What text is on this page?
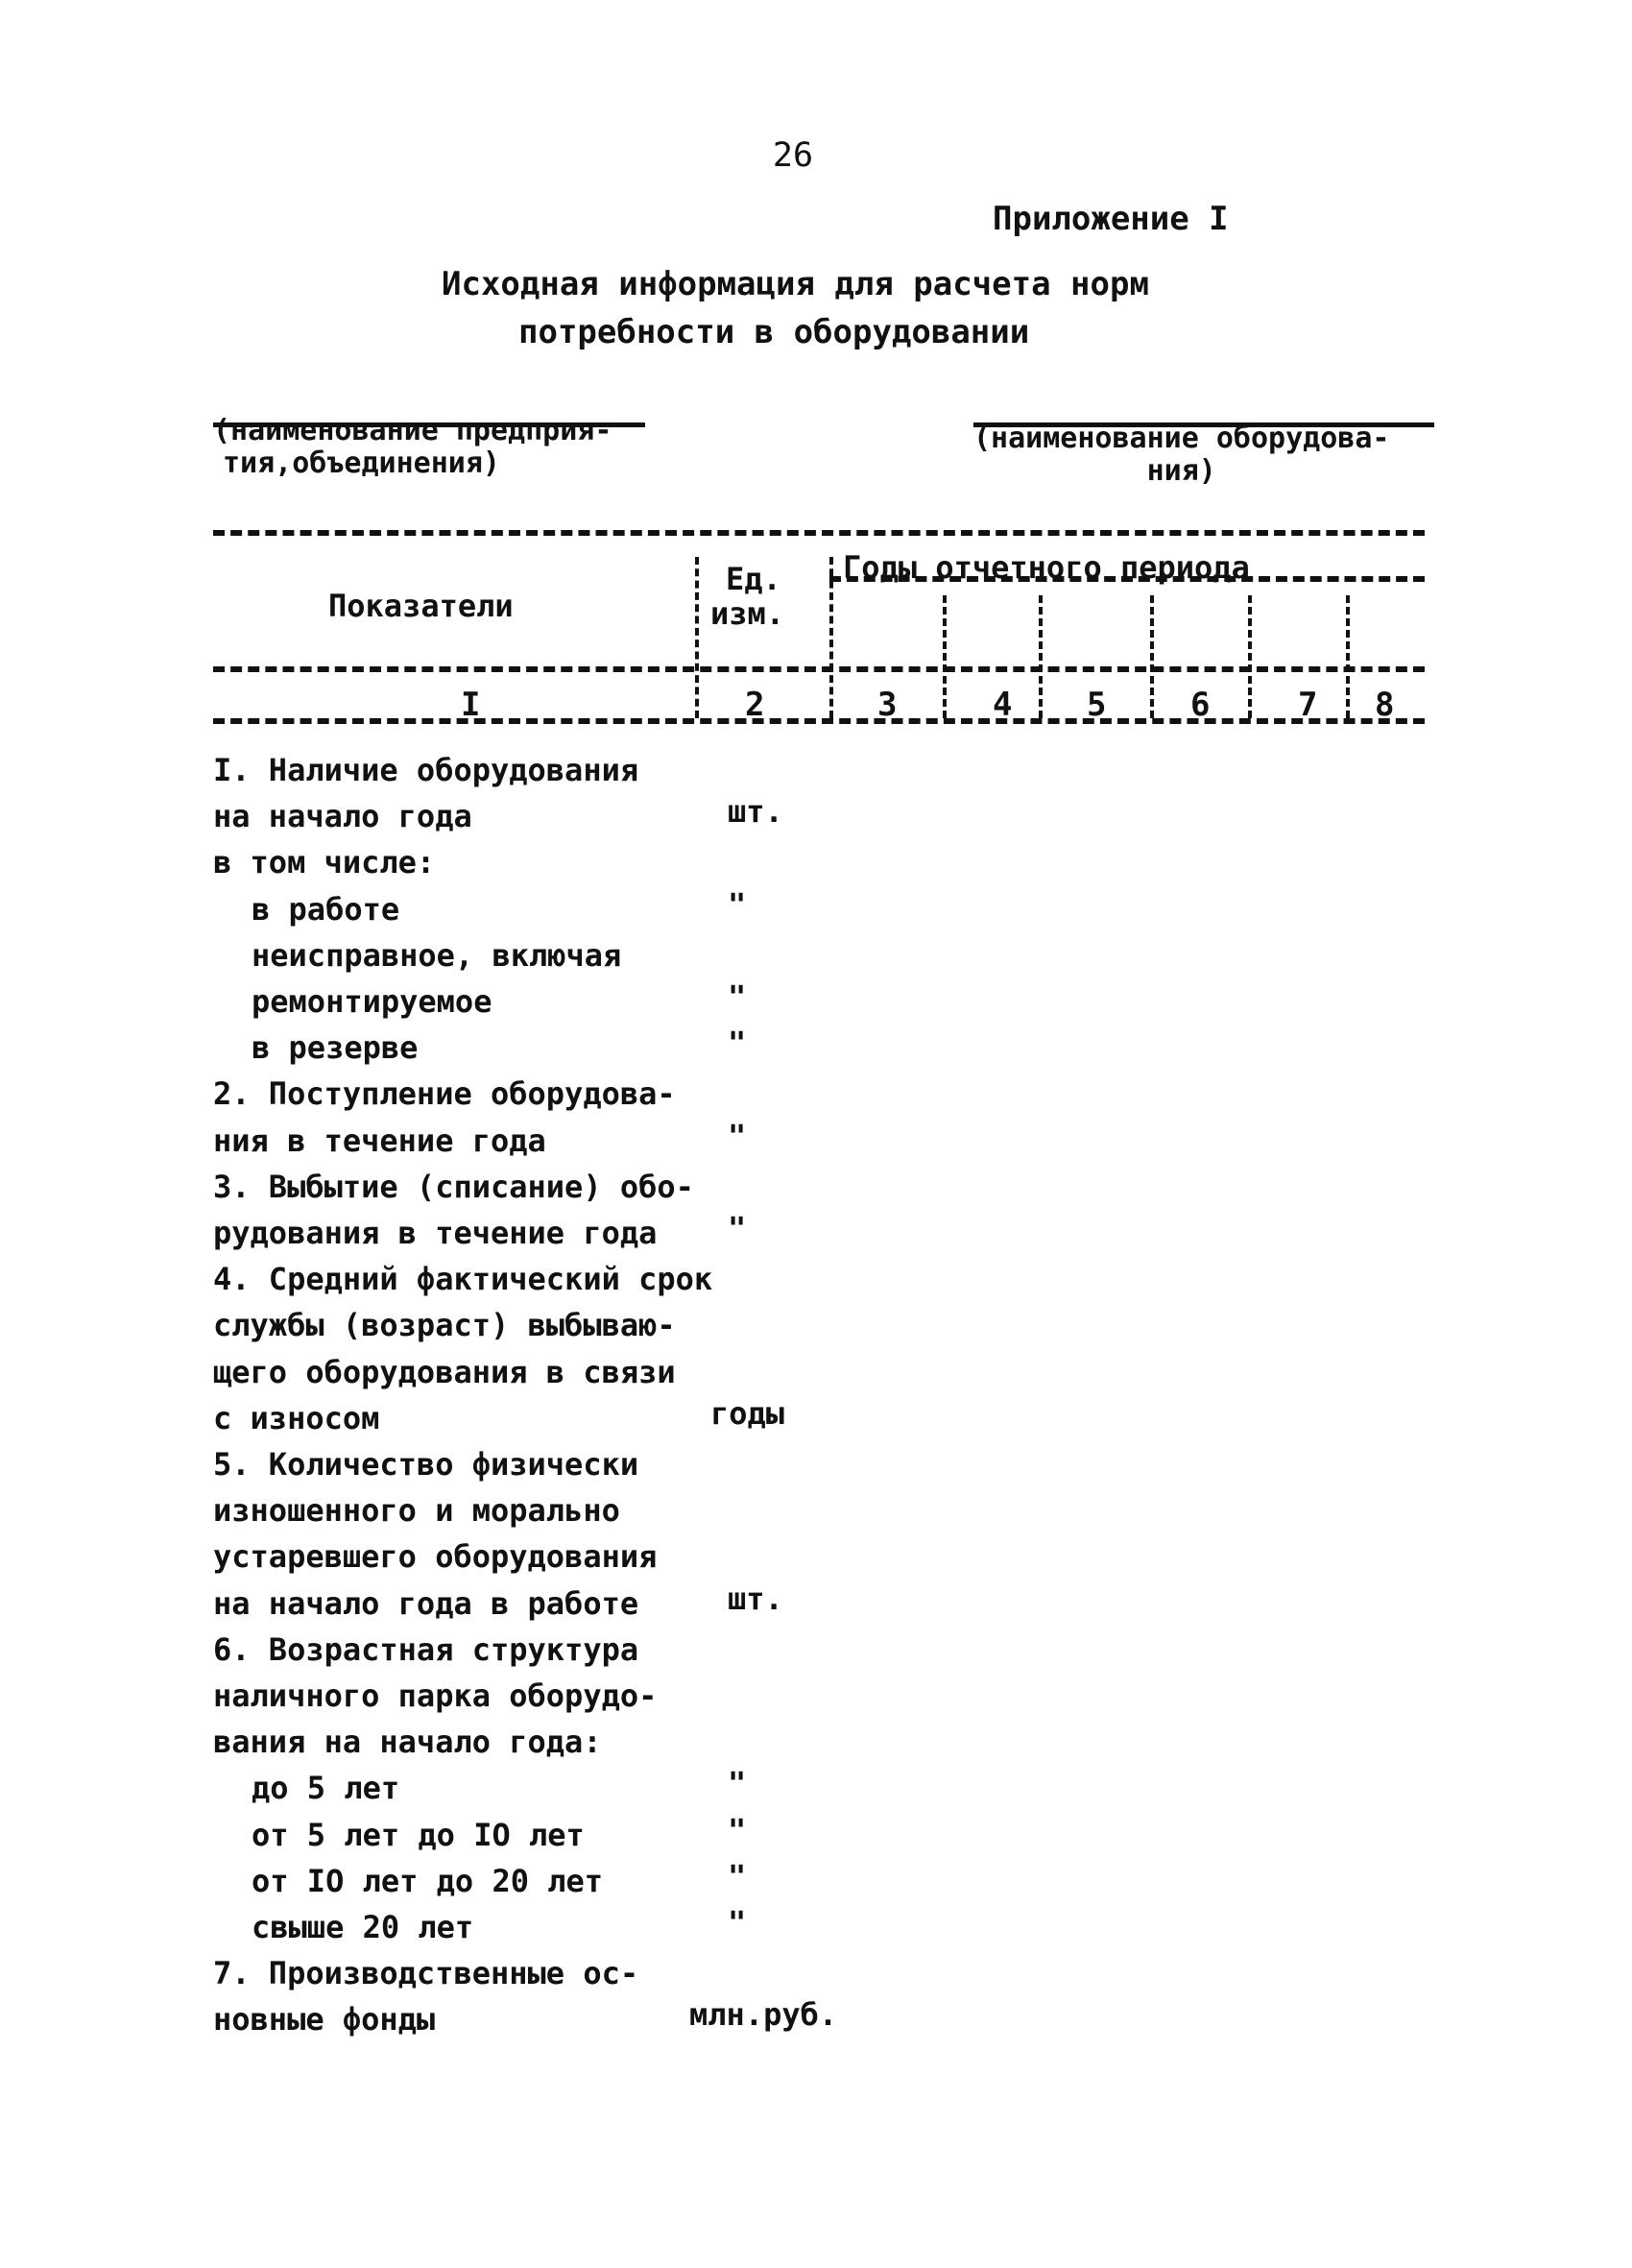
26
Приложение I
Исходная информация для расчета норм
потребности в оборудовании
(наименование предприя-
тия,объединения)
(наименование оборудова-
ния)
Показатели
Ед.
изм.
Годы отчетного периода
I	2	3	4 5	6	7 8
I. Наличие оборудования
на начало года	шт.
в том числе:
в работе	"
неисправное, включая
ремонтируемое	"
в резерве	"
2. Поступление оборудова-
ния в течение года	"
3. Выбытие (списание) обо-
рудования в течение года "
4. Средний фактический срок
службы (возраст) выбываю-
щего оборудования в связи
с износом	годы
5. Количество физически
изношенного и морально
устаревшего оборудования
на начало года в работе	шт.
6. Возрастная структура
наличного парка оборудо-
вания на начало года:
до 5 лет	"
от 5 лет до IO лет	"
от IO лет до 20 лет	"
свыше 20 лет	"
7. Производственные ос-
новные фонды	млн.руб.
